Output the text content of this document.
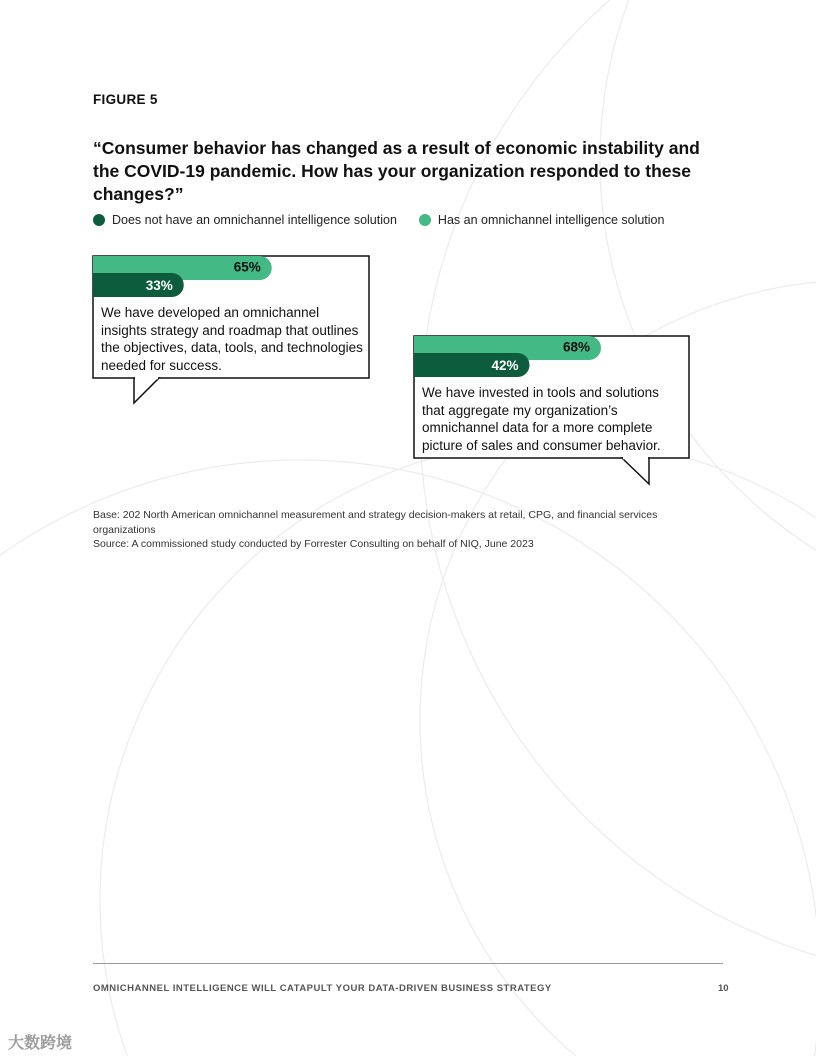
FIGURE 5
“Consumer behavior has changed as a result of economic instability and the COVID-19 pandemic. How has your organization responded to these changes?”
Does not have an omnichannel intelligence solution	Has an omnichannel intelligence solution
65%
33%
68%
42%
We have developed an omnichannel insights strategy and roadmap that outlines the objectives, data, tools, and technologies needed for success.
We have invested in tools and solutions that aggregate my organization’s omnichannel data for a more complete picture of sales and consumer behavior.
Base: 202 North American omnichannel measurement and strategy decision-makers at retail, CPG, and financial services organizations
Source: A commissioned study conducted by Forrester Consulting on behalf of NIQ, June 2023
OMNICHANNEL INTELLIGENCE WILL CATAPULT YOUR DATA-DRIVEN BUSINESS STRATEGY	10
大数跨境
